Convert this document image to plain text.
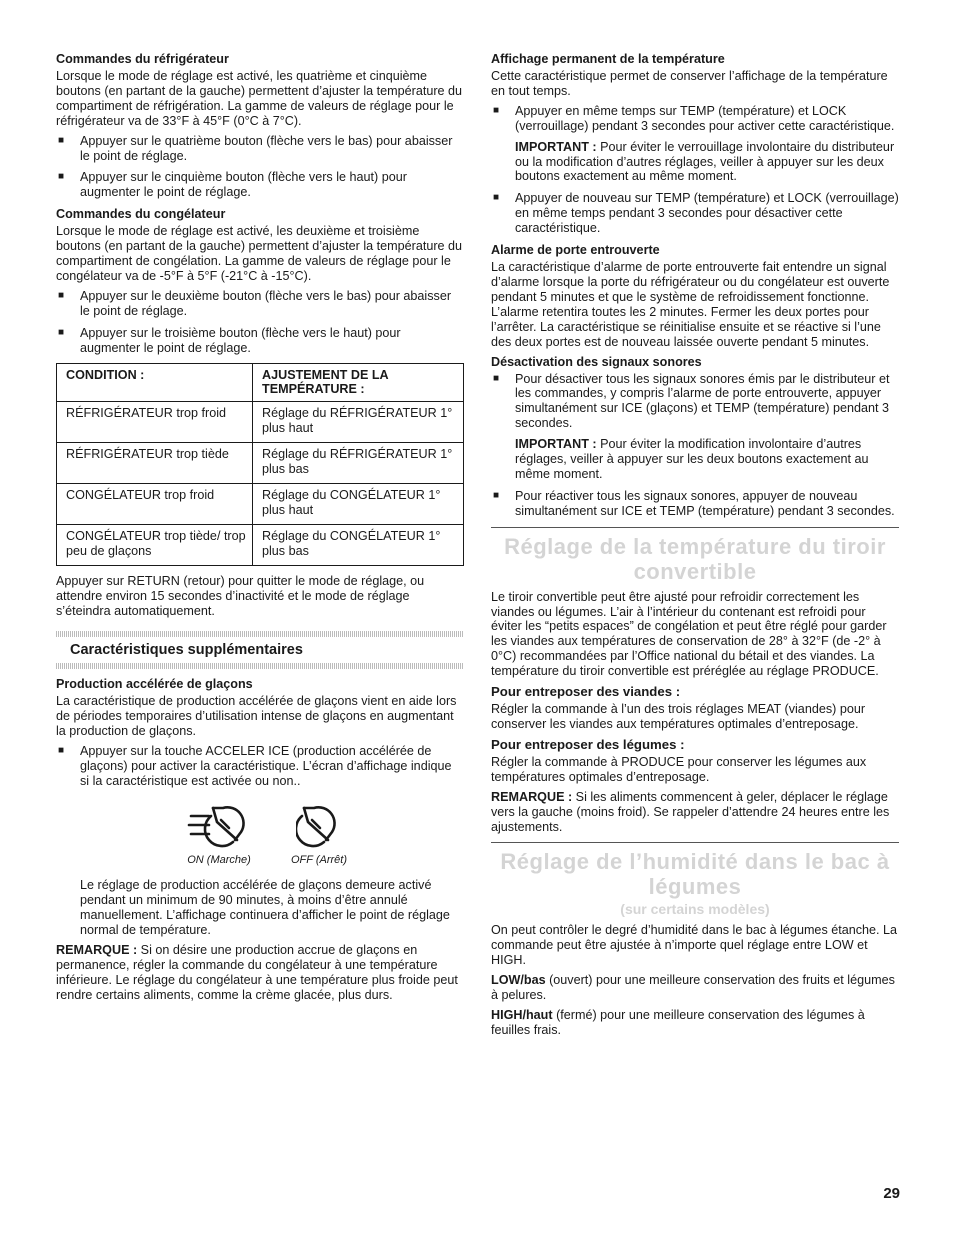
Commandes du réfrigérateur

Lorsque le mode de réglage est activé, les quatrième et cinquième boutons (en partant de la gauche) permettent d’ajuster la température du compartiment de réfrigération. La gamme de valeurs de réglage pour le réfrigérateur va de 33°F à 45°F (0°C à 7°C).

■ Appuyer sur le quatrième bouton (flèche vers le bas) pour abaisser le point de réglage.
■ Appuyer sur le cinquième bouton (flèche vers le haut) pour augmenter le point de réglage.
Commandes du congélateur

Lorsque le mode de réglage est activé, les deuxième et troisième boutons (en partant de la gauche) permettent d’ajuster la température du compartiment de congélation. La gamme de valeurs de réglage pour le congélateur va de -5°F à 5°F (-21°C à -15°C).

■ Appuyer sur le deuxième bouton (flèche vers le bas) pour abaisser le point de réglage.
■ Appuyer sur le troisième bouton (flèche vers le haut) pour augmenter le point de réglage.
CONDITION :	AJUSTEMENT DE LA TEMPÉRATURE :
RÉFRIGÉRATEUR trop froid	Réglage du RÉFRIGÉRATEUR 1° plus haut
RÉFRIGÉRATEUR trop tiède	Réglage du RÉFRIGÉRATEUR 1° plus bas
CONGÉLATEUR trop froid	Réglage du CONGÉLATEUR 1° plus haut
CONGÉLATEUR trop tiède/ trop peu de glaçons	Réglage du CONGÉLATEUR 1° plus bas

Appuyer sur RETURN (retour) pour quitter le mode de réglage, ou attendre environ 15 secondes d’inactivité et le mode de réglage s’éteindra automatiquement.

Caractéristiques supplémentaires
Production accélérée de glaçons

La caractéristique de production accélérée de glaçons vient en aide lors de périodes temporaires d’utilisation intense de glaçons en augmentant la production de glaçons.

■ Appuyer sur la touche ACCELER ICE (production accélérée de glaçons) pour activer la caractéristique. L’écran d’affichage indique si la caractéristique est activée ou non..
ON (Marche)	OFF (Arrêt)

Le réglage de production accélérée de glaçons demeure activé pendant un minimum de 90 minutes, à moins d’être annulé manuellement. L’affichage continuera d’afficher le point de réglage normal de température.

REMARQUE : Si on désire une production accrue de glaçons en permanence, régler la commande du congélateur à une température inférieure. Le réglage du congélateur à une température plus froide peut rendre certains aliments, comme la crème glacée, plus durs.

Affichage permanent de la température

Cette caractéristique permet de conserver l’affichage de la température en tout temps.

■ Appuyer en même temps sur TEMP (température) et LOCK (verrouillage) pendant 3 secondes pour activer cette caractéristique.

IMPORTANT : Pour éviter le verrouillage involontaire du distributeur ou la modification d’autres réglages, veiller à appuyer sur les deux boutons exactement au même moment.

■ Appuyer de nouveau sur TEMP (température) et LOCK (verrouillage) en même temps pendant 3 secondes pour désactiver cette caractéristique.
Alarme de porte entrouverte

La caractéristique d’alarme de porte entrouverte fait entendre un signal d’alarme lorsque la porte du réfrigérateur ou du congélateur est ouverte pendant 5 minutes et que le système de refroidissement fonctionne. L’alarme retentira toutes les 2 minutes. Fermer les deux portes pour l’arrêter. La caractéristique se réinitialise ensuite et se réactive si l’une des deux portes est de nouveau laissée ouverte pendant 5 minutes.

Désactivation des signaux sonores
■ Pour désactiver tous les signaux sonores émis par le distributeur et les commandes, y compris l’alarme de porte entrouverte, appuyer simultanément sur ICE (glaçons) et TEMP (température) pendant 3 secondes.

IMPORTANT : Pour éviter la modification involontaire d’autres réglages, veiller à appuyer sur les deux boutons exactement au même moment.

■ Pour réactiver tous les signaux sonores, appuyer de nouveau simultanément sur ICE et TEMP (température) pendant 3 secondes.
Réglage de la température du tiroir convertible

Le tiroir convertible peut être ajusté pour refroidir correctement les viandes ou légumes. L’air à l’intérieur du contenant est refroidi pour éviter les “petits espaces” de congélation et peut être réglé pour garder les viandes aux températures de conservation de 28° à 32°F (de -2° à 0°C) recommandées par l’Office national du bétail et des viandes. La température du tiroir convertible est préréglée au réglage PRODUCE.

Pour entreposer des viandes :

Régler la commande à l’un des trois réglages MEAT (viandes) pour conserver les viandes aux températures optimales d’entreposage.

Pour entreposer des légumes :

Régler la commande à PRODUCE pour conserver les légumes aux températures optimales d’entreposage.

REMARQUE : Si les aliments commencent à geler, déplacer le réglage vers la gauche (moins froid). Se rappeler d’attendre 24 heures entre les ajustements.

Réglage de l’humidité dans le bac à légumes
(sur certains modèles)

On peut contrôler le degré d’humidité dans le bac à légumes étanche. La commande peut être ajustée à n’importe quel réglage entre LOW et HIGH.

LOW/bas (ouvert) pour une meilleure conservation des fruits et légumes à pelures.

HIGH/haut (fermé) pour une meilleure conservation des légumes à feuilles frais.

29
